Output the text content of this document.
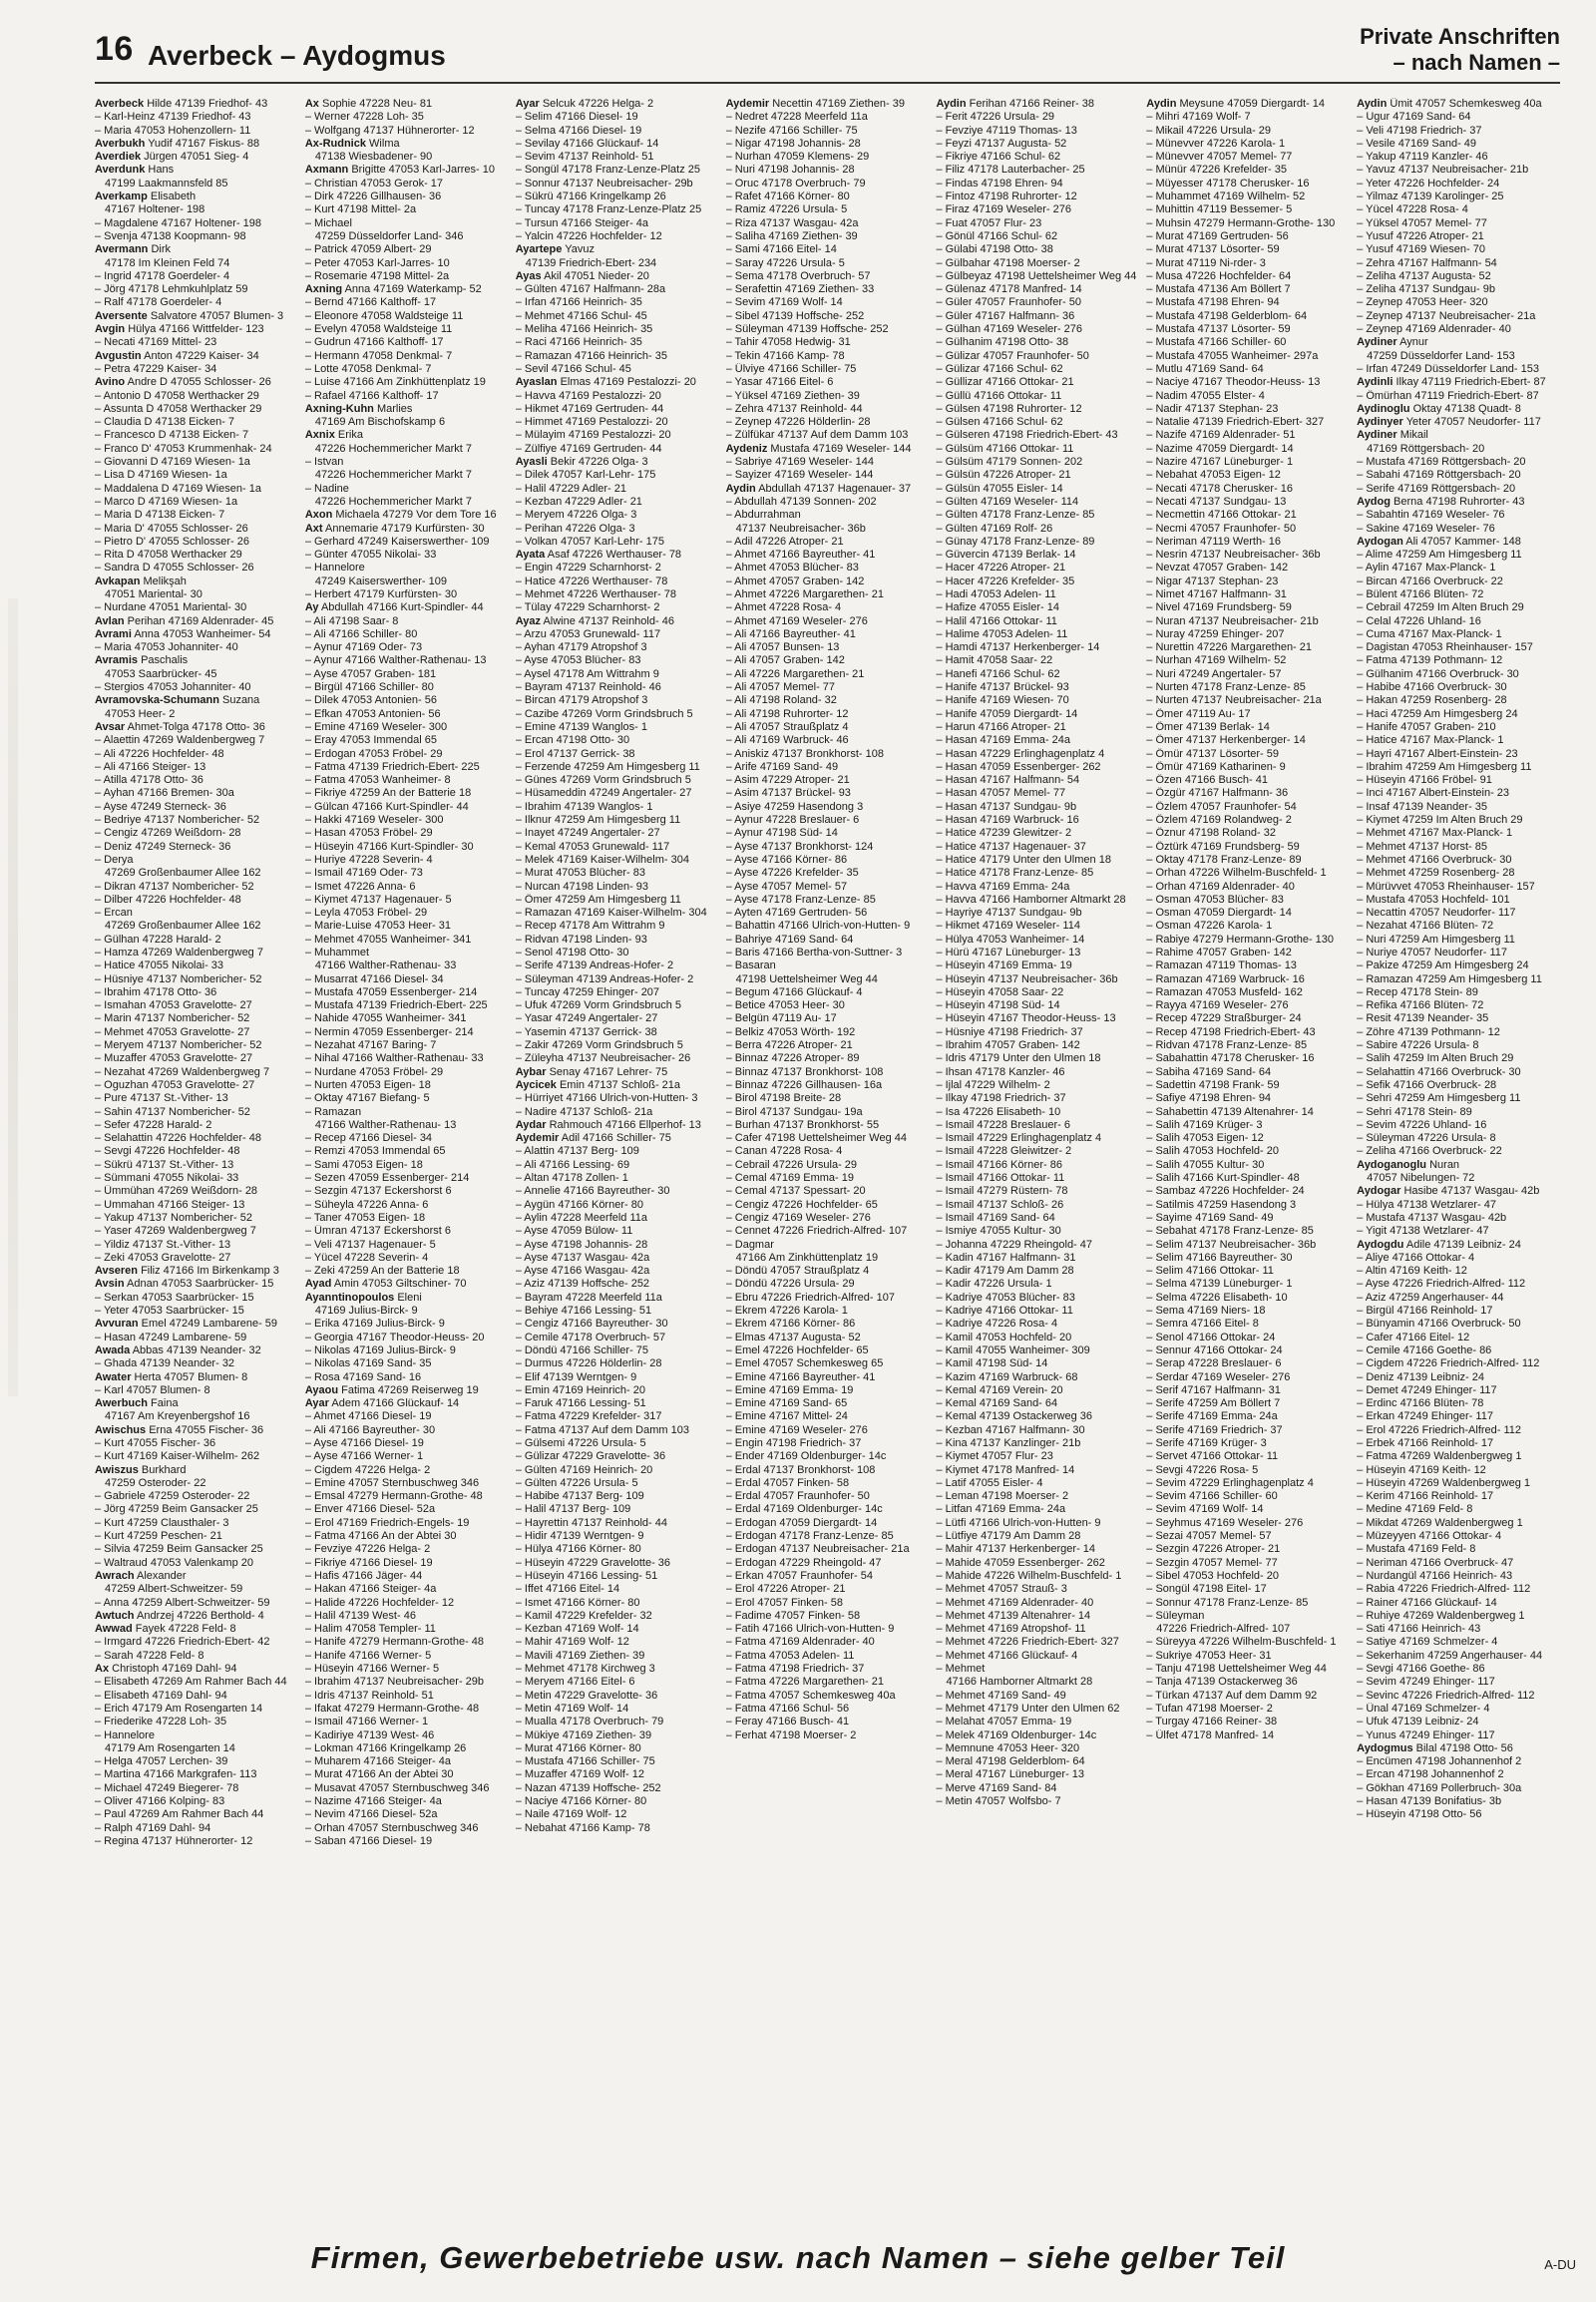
16 Averbeck – Aydogmus
Private Anschriften
– nach Namen –
Averbeck Hilde 47139 Friedhof- 43
– Karl-Heinz 47139 Friedhof- 43
– Maria 47053 Hohenzollern- 11
Averbukh Yudif 47167 Fiskus- 88
Averdiek Jürgen 47051 Sieg- 4
Averdunk Hans
47199 Laakmannsfeld 85
Averkamp Elisabeth
47167 Holtener- 198
– Magdalene 47167 Holtener- 198
– Svenja 47138 Koopmann- 98
Avermann Dirk
47178 Im Kleinen Feld 74
– Ingrid 47178 Goerdeler- 4
– Jörg 47178 Lehmkuhlplatz 59
– Ralf 47178 Goerdeler- 4
Aversente Salvatore 47057 Blumen- 3
Avgin Hülya 47166 Wittfelder- 123
– Necati 47169 Mittel- 23
Avgustin Anton 47229 Kaiser- 34
– Petra 47229 Kaiser- 34
Avino Andre D 47055 Schlosser- 26
– Antonio D 47058 Werthacker 29
– Assunta D 47058 Werthacker 29
– Claudia D 47138 Eicken- 7
– Francesco D 47138 Eicken- 7
– Franco D' 47053 Krummenhak- 24
– Giovanni D 47169 Wiesen- 1a
– Lisa D 47169 Wiesen- 1a
– Maddalena D 47169 Wiesen- 1a
– Marco D 47169 Wiesen- 1a
– Maria D 47138 Eicken- 7
– Maria D' 47055 Schlosser- 26
– Pietro D' 47055 Schlosser- 26
– Rita D 47058 Werthacker 29
– Sandra D 47055 Schlosser- 26
Avkapan Melikşah
47051 Mariental- 30
– Nurdane 47051 Mariental- 30
Avlan Perihan 47169 Aldenrader- 45
Avrami Anna 47053 Wanheimer- 54
– Maria 47053 Johanniter- 40
Avramis Paschalis
47053 Saarbrücker- 45
– Stergios 47053 Johanniter- 40
Avramovska-Schumann Suzana
47053 Heer- 2
Avsar Ahmet-Tolga 47178 Otto- 36
– Alaettin 47269 Waldenbergweg 7
– Ali 47226 Hochfelder- 48
– Ali 47166 Steiger- 13
– Atilla 47178 Otto- 36
– Ayhan 47166 Bremen- 30a
– Ayse 47249 Sterneck- 36
– Bedriye 47137 Nombericher- 52
– Cengiz 47269 Weißdorn- 28
– Deniz 47249 Sterneck- 36
– Derya
47269 Großenbaumer Allee 162
– Dikran 47137 Nombericher- 52
– Dilber 47226 Hochfelder- 48
– Ercan
47269 Großenbaumer Allee 162
– Gülhan 47228 Harald- 2
– Hamza 47269 Waldenbergweg 7
– Hatice 47055 Nikolai- 33
– Hüsniye 47137 Nombericher- 52
– Ibrahim 47178 Otto- 36
– Ismahan 47053 Gravelotte- 27
– Marin 47137 Nombericher- 52
– Mehmet 47053 Gravelotte- 27
– Meryem 47137 Nombericher- 52
– Muzaffer 47053 Gravelotte- 27
– Nezahat 47269 Waldenbergweg 7
– Oguzhan 47053 Gravelotte- 27
– Pure 47137 St.-Vither- 13
– Sahin 47137 Nombericher- 52
– Sefer 47228 Harald- 2
– Selahattin 47226 Hochfelder- 48
– Sevgi 47226 Hochfelder- 48
– Sükrü 47137 St.-Vither- 13
– Sümmani 47055 Nikolai- 33
– Ümmühan 47269 Weißdorn- 28
– Ummahan 47166 Steiger- 13
– Yakup 47137 Nombericher- 52
– Yaser 47269 Waldenbergweg 7
– Yildiz 47137 St.-Vither- 13
– Zeki 47053 Gravelotte- 27
Avseren Filiz 47166 Im Birkenkamp 3
Avsin Adnan 47053 Saarbrücker- 15
– Serkan 47053 Saarbrücker- 15
– Yeter 47053 Saarbrücker- 15
Avvuran Emel 47249 Lambarene- 59
– Hasan 47249 Lambarene- 59
Awada Abbas 47139 Neander- 32
– Ghada 47139 Neander- 32
Awater Herta 47057 Blumen- 8
– Karl 47057 Blumen- 8
Awerbuch Faina
47167 Am Kreyenbergshof 16
Awischus Erna 47055 Fischer- 36
– Kurt 47055 Fischer- 36
– Kurt 47169 Kaiser-Wilhelm- 262
Awiszus Burkhard
47259 Osteroder- 22
– Gabriele 47259 Osteroder- 22
– Jörg 47259 Beim Gansacker 25
– Kurt 47259 Clausthaler- 3
– Kurt 47259 Peschen- 21
– Silvia 47259 Beim Gansacker 25
– Waltraud 47053 Valenkamp 20
Awrach Alexander
47259 Albert-Schweitzer- 59
– Anna 47259 Albert-Schweitzer- 59
Awtuch Andrzej 47226 Berthold- 4
Awwad Fayek 47228 Feld- 8
– Irmgard 47226 Friedrich-Ebert- 42
– Sarah 47228 Feld- 8
Ax Christoph 47169 Dahl- 94
– Elisabeth 47269 Am Rahmer Bach 44
– Elisabeth 47169 Dahl- 94
– Erich 47179 Am Rosengarten 14
– Friederike 47228 Loh- 35
– Hannelore
47179 Am Rosengarten 14
– Helga 47057 Lerchen- 39
– Martina 47166 Markgrafen- 113
– Michael 47249 Biegerer- 78
– Oliver 47166 Kolping- 83
– Paul 47269 Am Rahmer Bach 44
– Ralph 47169 Dahl- 94
– Regina 47137 Hühnerorter- 12
Ax Sophie 47228 Neu- 81
– Werner 47228 Loh- 35
– Wolfgang 47137 Hühnerorter- 12
Ax-Rudnick Wilma
47138 Wiesbadener- 90
Axmann Brigitte 47053 Karl-Jarres- 10
– Christian 47053 Gerok- 17
– Dirk 47226 Gillhausen- 36
– Kurt 47198 Mittel- 2a
– Michael
47259 Düsseldorfer Land- 346
– Patrick 47059 Albert- 29
– Peter 47053 Karl-Jarres- 10
– Rosemarie 47198 Mittel- 2a
Axning Anna 47169 Waterkamp- 52
– Bernd 47166 Kalthoff- 17
– Eleonore 47058 Waldsteige 11
– Evelyn 47058 Waldsteige 11
– Gudrun 47166 Kalthoff- 17
– Hermann 47058 Denkmal- 7
– Lotte 47058 Denkmal- 7
– Luise 47166 Am Zinkhüttenplatz 19
– Rafael 47166 Kalthoff- 17
Axning-Kuhn Marlies
47169 Am Bischofskamp 6
Axnix Erika
47226 Hochemmericher Markt 7
– Istvan
47226 Hochemmericher Markt 7
– Nadine
47226 Hochemmericher Markt 7
Axon Michaela 47279 Vor dem Tore 16
Axt Annemarie 47179 Kurfürsten- 30
– Gerhard 47249 Kaiserswerther- 109
– Günter 47055 Nikolai- 33
– Hannelore
47249 Kaiserswerther- 109
– Herbert 47179 Kurfürsten- 30
Ay Abdullah 47166 Kurt-Spindler- 44
– Ali 47198 Saar- 8
– Ali 47166 Schiller- 80
– Aynur 47169 Oder- 73
– Aynur 47166 Walther-Rathenau- 13
– Ayse 47057 Graben- 181
– Birgül 47166 Schiller- 80
– Dilek 47053 Antonien- 56
– Efkan 47053 Antonien- 56
– Emine 47169 Weseler- 300
– Eray 47053 Immendal 65
– Erdogan 47053 Fröbel- 29
– Fatma 47139 Friedrich-Ebert- 225
– Fatma 47053 Wanheimer- 8
– Fikriye 47259 An der Batterie 18
– Gülcan 47166 Kurt-Spindler- 44
– Hakki 47169 Weseler- 300
– Hasan 47053 Fröbel- 29
– Hüseyin 47166 Kurt-Spindler- 30
– Huriye 47228 Severin- 4
– Ismail 47169 Oder- 73
– Ismet 47226 Anna- 6
– Kiymet 47137 Hagenauer- 5
– Leyla 47053 Fröbel- 29
– Marie-Luise 47053 Heer- 31
– Mehmet 47055 Wanheimer- 341
– Muhammet
47166 Walther-Rathenau- 33
– Musarrat 47166 Diesel- 34
– Mustafa 47059 Essenberger- 214
– Mustafa 47139 Friedrich-Ebert- 225
– Nahide 47055 Wanheimer- 341
– Nermin 47059 Essenberger- 214
– Nezahat 47167 Baring- 7
– Nihal 47166 Walther-Rathenau- 33
– Nurdane 47053 Fröbel- 29
– Nurten 47053 Eigen- 18
– Oktay 47167 Biefang- 5
– Ramazan
47166 Walther-Rathenau- 13
– Recep 47166 Diesel- 34
– Remzi 47053 Immendal 65
– Sami 47053 Eigen- 18
– Sezen 47059 Essenberger- 214
– Sezgin 47137 Eckershorst 6
– Süheyla 47226 Anna- 6
– Taner 47053 Eigen- 18
– Ümran 47137 Eckershorst 6
– Veli 47137 Hagenauer- 5
– Yücel 47228 Severin- 4
– Zeki 47259 An der Batterie 18
Ayad Amin 47053 Giltschiner- 70
Ayanntinopoulos Eleni
47169 Julius-Birck- 9
– Erika 47169 Julius-Birck- 9
– Georgia 47167 Theodor-Heuss- 20
– Nikolas 47169 Julius-Birck- 9
– Nikolas 47169 Sand- 35
– Rosa 47169 Sand- 16
Ayaou Fatima 47269 Reiserweg 19
Ayar Adem 47166 Glückauf- 14
– Ahmet 47166 Diesel- 19
– Ali 47166 Bayreuther- 30
– Ayse 47166 Diesel- 19
– Ayse 47166 Werner- 1
– Cigdem 47226 Helga- 2
– Emine 47057 Sternbuschweg 346
– Emsal 47279 Hermann-Grothe- 48
– Enver 47166 Diesel- 52a
– Erol 47169 Friedrich-Engels- 19
– Fatma 47166 An der Abtei 30
– Fevziye 47226 Helga- 2
– Fikriye 47166 Diesel- 19
– Hafis 47166 Jäger- 44
– Hakan 47166 Steiger- 4a
– Halide 47226 Hochfelder- 12
– Halil 47139 West- 46
– Halim 47058 Templer- 11
– Hanife 47279 Hermann-Grothe- 48
– Hanife 47166 Werner- 5
– Hüseyin 47166 Werner- 5
– Ibrahim 47137 Neubreisacher- 29b
– Idris 47137 Reinhold- 51
– Ifakat 47279 Hermann-Grothe- 48
– Ismail 47166 Werner- 1
– Kadiriye 47139 West- 46
– Lokman 47166 Kringelkamp 26
– Muharem 47166 Steiger- 4a
– Murat 47166 An der Abtei 30
– Musavat 47057 Sternbuschweg 346
– Nazime 47166 Steiger- 4a
– Nevim 47166 Diesel- 52a
– Orhan 47057 Sternbuschweg 346
– Saban 47166 Diesel- 19
Ayar Selcuk 47226 Helga- 2
– Selim 47166 Diesel- 19
– Selma 47166 Diesel- 19
– Sevilay 47166 Glückauf- 14
– Sevim 47137 Reinhold- 51
– Songül 47178 Franz-Lenze-Platz 25
– Sonnur 47137 Neubreisacher- 29b
– Sükrü 47166 Kringelkamp 26
– Tuncay 47178 Franz-Lenze-Platz 25
– Tursun 47166 Steiger- 4a
– Yalcin 47226 Hochfelder- 12
Ayartepe Yavuz
47139 Friedrich-Ebert- 234
Ayas Akil 47051 Nieder- 20
– Gülten 47167 Halfmann- 28a
– Irfan 47166 Heinrich- 35
– Mehmet 47166 Schul- 45
– Meliha 47166 Heinrich- 35
– Raci 47166 Heinrich- 35
– Ramazan 47166 Heinrich- 35
– Sevil 47166 Schul- 45
Ayaslan Elmas 47169 Pestalozzi- 20
– Havva 47169 Pestalozzi- 20
– Hikmet 47169 Gertruden- 44
– Himmet 47169 Pestalozzi- 20
– Mülayim 47169 Pestalozzi- 20
– Zülfiye 47169 Gertruden- 44
Ayasli Bekir 47226 Olga- 3
– Dilek 47057 Karl-Lehr- 175
– Halil 47229 Adler- 21
– Kezban 47229 Adler- 21
– Meryem 47226 Olga- 3
– Perihan 47226 Olga- 3
– Volkan 47057 Karl-Lehr- 175
Ayata Asaf 47226 Werthauser- 78
– Engin 47229 Scharnhorst- 2
– Hatice 47226 Werthauser- 78
– Mehmet 47226 Werthauser- 78
– Tülay 47229 Scharnhorst- 2
Ayaz Alwine 47137 Reinhold- 46
– Arzu 47053 Grunewald- 117
– Ayhan 47179 Atropshof 3
– Ayse 47053 Blücher- 83
– Aysel 47178 Am Wittrahm 9
– Bayram 47137 Reinhold- 46
– Bircan 47179 Atropshof 3
– Cazibe 47269 Vorm Grindsbruch 5
– Emine 47139 Wanglos- 1
– Ercan 47198 Otto- 30
– Erol 47137 Gerrick- 38
– Ferzende 47259 Am Himgesberg 11
– Günes 47269 Vorm Grindsbruch 5
– Hüsameddin 47249 Angertaler- 27
– Ibrahim 47139 Wanglos- 1
– Ilknur 47259 Am Himgesberg 11
– Inayet 47249 Angertaler- 27
– Kemal 47053 Grunewald- 117
– Melek 47169 Kaiser-Wilhelm- 304
– Murat 47053 Blücher- 83
– Nurcan 47198 Linden- 93
– Ömer 47259 Am Himgesberg 11
– Ramazan 47169 Kaiser-Wilhelm- 304
– Recep 47178 Am Wittrahm 9
– Ridvan 47198 Linden- 93
– Senol 47198 Otto- 30
– Serife 47139 Andreas-Hofer- 2
– Süleyman 47139 Andreas-Hofer- 2
– Tuncay 47259 Ehinger- 207
– Ufuk 47269 Vorm Grindsbruch 5
– Yasar 47249 Angertaler- 27
– Yasemin 47137 Gerrick- 38
– Zakir 47269 Vorm Grindsbruch 5
– Züleyha 47137 Neubreisacher- 26
Aybar Senay 47167 Lehrer- 75
Aycicek Emin 47137 Schloß- 21a
– Hürriyet 47166 Ulrich-von-Hutten- 3
– Nadire 47137 Schloß- 21a
Aydar Rahmouch 47166 Ellperhof- 13
Aydemir Adil 47166 Schiller- 75
– Alattin 47137 Berg- 109
– Ali 47166 Lessing- 69
– Altan 47178 Zollen- 1
– Annelie 47166 Bayreuther- 30
– Aygün 47166 Körner- 80
– Aylin 47228 Meerfeld 11a
– Ayse 47059 Bülow- 11
– Ayse 47198 Johannis- 28
– Ayse 47137 Wasgau- 42a
– Ayse 47166 Wasgau- 42a
– Aziz 47139 Hoffsche- 252
– Bayram 47228 Meerfeld 11a
– Behiye 47166 Lessing- 51
– Cengiz 47166 Bayreuther- 30
– Cemile 47178 Overbruch- 57
– Döndü 47166 Schiller- 75
– Durmus 47226 Hölderlin- 28
– Elif 47139 Werntgen- 9
– Emin 47169 Heinrich- 20
– Faruk 47166 Lessing- 51
– Fatma 47229 Krefelder- 317
– Fatma 47137 Auf dem Damm 103
– Gülsemi 47226 Ursula- 5
– Gülizar 47229 Gravelotte- 36
– Gülten 47169 Heinrich- 20
– Gülten 47226 Ursula- 5
– Habibe 47137 Berg- 109
– Halil 47137 Berg- 109
– Hayrettin 47137 Reinhold- 44
– Hidir 47139 Werntgen- 9
– Hülya 47166 Körner- 80
– Hüseyin 47229 Gravelotte- 36
– Hüseyin 47166 Lessing- 51
– Iffet 47166 Eitel- 14
– Ismet 47166 Körner- 80
– Kamil 47229 Krefelder- 32
– Kezban 47169 Wolf- 14
– Mahir 47169 Wolf- 12
– Mavili 47169 Ziethen- 39
– Mehmet 47178 Kirchweg 3
– Meryem 47166 Eitel- 6
– Metin 47229 Gravelotte- 36
– Metin 47169 Wolf- 14
– Mualla 47178 Overbruch- 79
– Mükiye 47169 Ziethen- 39
– Murat 47166 Körner- 80
– Mustafa 47166 Schiller- 75
– Muzaffer 47169 Wolf- 12
– Nazan 47139 Hoffsche- 252
– Naciye 47166 Körner- 80
– Naile 47169 Wolf- 12
– Nebahat 47166 Kamp- 78
Aydemir Necettin 47169 Ziethen- 39
– Nedret 47228 Meerfeld 11a
– Nezife 47166 Schiller- 75
– Nigar 47198 Johannis- 28
– Nurhan 47059 Klemens- 29
– Nuri 47198 Johannis- 28
– Oruc 47178 Overbruch- 79
– Rafet 47166 Körner- 80
– Ramiz 47226 Ursula- 5
– Riza 47137 Wasgau- 42a
– Saliha 47169 Ziethen- 39
– Sami 47166 Eitel- 14
– Saray 47226 Ursula- 5
– Sema 47178 Overbruch- 57
– Serafettin 47169 Ziethen- 33
– Sevim 47169 Wolf- 14
– Sibel 47139 Hoffsche- 252
– Süleyman 47139 Hoffsche- 252
– Tahir 47058 Hedwig- 31
– Tekin 47166 Kamp- 78
– Ülviye 47166 Schiller- 75
– Yasar 47166 Eitel- 6
– Yüksel 47169 Ziethen- 39
– Zehra 47137 Reinhold- 44
– Zeynep 47226 Hölderlin- 28
– Zülfükar 47137 Auf dem Damm 103
Aydeniz Mustafa 47169 Weseler- 144
– Sabriye 47169 Weseler- 144
– Sayizer 47169 Weseler- 144
Aydin Abdullah 47137 Hagenauer- 37
– Abdullah 47139 Sonnen- 202
– Abdurrahman
47137 Neubreisacher- 36b
– Adil 47226 Atroper- 21
– Ahmet 47166 Bayreuther- 41
– Ahmet 47053 Blücher- 83
– Ahmet 47057 Graben- 142
– Ahmet 47226 Margarethen- 21
– Ahmet 47228 Rosa- 4
– Ahmet 47169 Weseler- 276
– Ali 47166 Bayreuther- 41
– Ali 47057 Bunsen- 13
– Ali 47057 Graben- 142
– Ali 47226 Margarethen- 21
– Ali 47057 Memel- 77
– Ali 47198 Roland- 32
– Ali 47198 Ruhrorter- 12
– Ali 47057 Straußplatz 4
– Ali 47169 Warbruck- 46
– Aniskiz 47137 Bronkhorst- 108
– Arife 47169 Sand- 49
– Asim 47229 Atroper- 21
– Asim 47137 Brückel- 93
– Asiye 47259 Hasendong 3
– Aynur 47228 Breslauer- 6
– Aynur 47198 Süd- 14
– Ayse 47137 Bronkhorst- 124
– Ayse 47166 Körner- 86
– Ayse 47226 Krefelder- 35
– Ayse 47057 Memel- 57
– Ayse 47178 Franz-Lenze- 85
– Ayten 47169 Gertruden- 56
– Bahattin 47166 Ulrich-von-Hutten- 9
– Bahriye 47169 Sand- 64
– Baris 47166 Bertha-von-Suttner- 3
– Basaran
47198 Uettelsheimer Weg 44
– Begum 47166 Glückauf- 4
– Betice 47053 Heer- 30
– Belgün 47119 Au- 17
– Belkiz 47053 Wörth- 192
– Berra 47226 Atroper- 21
– Binnaz 47226 Atroper- 89
– Binnaz 47137 Bronkhorst- 108
– Binnaz 47226 Gillhausen- 16a
– Birol 47198 Breite- 28
– Birol 47137 Sundgau- 19a
– Burhan 47137 Bronkhorst- 55
– Cafer 47198 Uettelsheimer Weg 44
– Canan 47228 Rosa- 4
– Cebrail 47226 Ursula- 29
– Cemal 47169 Emma- 19
– Cemal 47137 Spessart- 20
– Cengiz 47226 Hochfelder- 65
– Cengiz 47169 Weseler- 276
– Cennet 47226 Friedrich-Alfred- 107
– Dagmar
47166 Am Zinkhüttenplatz 19
– Döndü 47057 Straußplatz 4
– Döndü 47226 Ursula- 29
– Ebru 47226 Friedrich-Alfred- 107
– Ekrem 47226 Karola- 1
– Ekrem 47166 Körner- 86
– Elmas 47137 Augusta- 52
– Emel 47226 Hochfelder- 65
– Emel 47057 Schemkesweg 65
– Emine 47166 Bayreuther- 41
– Emine 47169 Emma- 19
– Emine 47169 Sand- 65
– Emine 47167 Mittel- 24
– Emine 47169 Weseler- 276
– Engin 47198 Friedrich- 37
– Ender 47169 Oldenburger- 14c
– Erdal 47137 Bronkhorst- 108
– Erdal 47057 Finken- 58
– Erdal 47057 Fraunhofer- 50
– Erdal 47169 Oldenburger- 14c
– Erdogan 47059 Diergardt- 14
– Erdogan 47178 Franz-Lenze- 85
– Erdogan 47137 Neubreisacher- 21a
– Erdogan 47229 Rheingold- 47
– Erkan 47057 Fraunhofer- 54
– Erol 47226 Atroper- 21
– Erol 47057 Finken- 58
– Fadime 47057 Finken- 58
– Fatih 47166 Ulrich-von-Hutten- 9
– Fatma 47169 Aldenrader- 40
– Fatma 47053 Adelen- 11
– Fatma 47198 Friedrich- 37
– Fatma 47226 Margarethen- 21
– Fatma 47057 Schemkesweg 40a
– Fatma 47166 Schul- 56
– Feray 47166 Busch- 41
– Ferhat 47198 Moerser- 2
Aydin Ferihan 47166 Reiner- 38
– Ferit 47226 Ursula- 29
– Fevziye 47119 Thomas- 13
– Feyzi 47137 Augusta- 52
– Fikriye 47166 Schul- 62
– Filiz 47178 Lauterbacher- 25
– Findas 47198 Ehren- 94
– Fintoz 47198 Ruhrorter- 12
– Firaz 47169 Weseler- 276
– Fuat 47057 Flur- 23
– Gönül 47166 Schul- 62
– Gülabi 47198 Otto- 38
– Gülbahar 47198 Moerser- 2
– Gülbeyaz 47198 Uettelsheimer Weg 44
– Gülenaz 47178 Manfred- 14
– Güler 47057 Fraunhofer- 50
– Güler 47167 Halfmann- 36
– Gülhan 47169 Weseler- 276
– Gülhanim 47198 Otto- 38
– Gülizar 47057 Fraunhofer- 50
– Gülizar 47166 Schul- 62
– Güllizar 47166 Ottokar- 21
– Güllü 47166 Ottokar- 11
– Gülsen 47198 Ruhrorter- 12
– Gülsen 47166 Schul- 62
– Gülseren 47198 Friedrich-Ebert- 43
– Gülsüm 47166 Ottokar- 11
– Gülsüm 47179 Sonnen- 202
– Gülsün 47226 Atroper- 21
– Gülsün 47055 Eisler- 14
– Gülten 47169 Weseler- 114
– Gülten 47178 Franz-Lenze- 85
– Gülten 47169 Rolf- 26
– Günay 47178 Franz-Lenze- 89
– Güvercin 47139 Berlak- 14
– Hacer 47226 Atroper- 21
– Hacer 47226 Krefelder- 35
– Hadi 47053 Adelen- 11
– Hafize 47055 Eisler- 14
– Halil 47166 Ottokar- 11
– Halime 47053 Adelen- 11
– Hamdi 47137 Herkenberger- 14
– Hamit 47058 Saar- 22
– Hanefi 47166 Schul- 62
– Hanife 47137 Brückel- 93
– Hanife 47169 Wiesen- 70
– Hanife 47059 Diergardt- 14
– Harun 47166 Atroper- 21
– Hasan 47169 Emma- 24a
– Hasan 47229 Erlinghagenplatz 4
– Hasan 47059 Essenberger- 262
– Hasan 47167 Halfmann- 54
– Hasan 47057 Memel- 77
– Hasan 47137 Sundgau- 9b
– Hasan 47169 Warbruck- 16
– Hatice 47239 Glewitzer- 2
– Hatice 47137 Hagenauer- 37
– Hatice 47179 Unter den Ulmen 18
– Hatice 47178 Franz-Lenze- 85
– Havva 47169 Emma- 24a
– Havva 47166 Hamborner Altmarkt 28
– Hayriye 47137 Sundgau- 9b
– Hikmet 47169 Weseler- 114
– Hülya 47053 Wanheimer- 14
– Hürü 47167 Lüneburger- 13
– Hüseyin 47169 Emma- 19
– Hüseyin 47137 Neubreisacher- 36b
– Hüseyin 47058 Saar- 22
– Hüseyin 47198 Süd- 14
– Hüseyin 47167 Theodor-Heuss- 13
– Hüsniye 47198 Friedrich- 37
– Ibrahim 47057 Graben- 142
– Idris 47179 Unter den Ulmen 18
– Ihsan 47178 Kanzler- 46
– Ijlal 47229 Wilhelm- 2
– Ilkay 47198 Friedrich- 37
– Isa 47226 Elisabeth- 10
– Ismail 47228 Breslauer- 6
– Ismail 47229 Erlinghagenplatz 4
– Ismail 47228 Gleiwitzer- 2
– Ismail 47166 Körner- 86
– Ismail 47166 Ottokar- 11
– Ismail 47279 Rüstern- 78
– Ismail 47137 Schloß- 26
– Ismail 47169 Sand- 64
– Ismiye 47055 Kultur- 30
– Johanna 47229 Rheingold- 47
– Kadin 47167 Halfmann- 31
– Kadir 47179 Am Damm 28
– Kadir 47226 Ursula- 1
– Kadriye 47053 Blücher- 83
– Kadriye 47166 Ottokar- 11
– Kadriye 47226 Rosa- 4
– Kamil 47053 Hochfeld- 20
– Kamil 47055 Wanheimer- 309
– Kamil 47198 Süd- 14
– Kazim 47169 Warbruck- 68
– Kemal 47169 Verein- 20
– Kemal 47169 Sand- 64
– Kemal 47139 Ostackerweg 36
– Kezban 47167 Halfmann- 30
– Kina 47137 Kanzlinger- 21b
– Kiymet 47057 Flur- 23
– Kiymet 47178 Manfred- 14
– Latif 47055 Eisler- 4
– Leman 47198 Moerser- 2
– Litfan 47169 Emma- 24a
– Lütfi 47166 Ulrich-von-Hutten- 9
– Lütfiye 47179 Am Damm 28
– Mahir 47137 Herkenberger- 14
– Mahide 47059 Essenberger- 262
– Mahide 47226 Wilhelm-Buschfeld- 1
– Mehmet 47057 Strauß- 3
– Mehmet 47169 Aldenrader- 40
– Mehmet 47139 Altenahrer- 14
– Mehmet 47169 Atropshof- 11
– Mehmet 47226 Friedrich-Ebert- 327
– Mehmet 47166 Glückauf- 4
– Mehmet
47166 Hamborner Altmarkt 28
– Mehmet 47169 Sand- 49
– Mehmet 47179 Unter den Ulmen 62
– Melahat 47057 Emma- 19
– Melek 47169 Oldenburger- 14c
– Memnune 47053 Heer- 320
– Meral 47198 Gelderblom- 64
– Meral 47167 Lüneburger- 13
– Merve 47169 Sand- 84
– Metin 47057 Wolfsbo- 7
Aydin Meysune 47059 Diergardt- 14
– Mihri 47169 Wolf- 7
– Mikail 47226 Ursula- 29
– Münevver 47226 Karola- 1
– Münevver 47057 Memel- 77
– Münür 47226 Krefelder- 35
– Müyesser 47178 Cherusker- 16
– Muhammet 47169 Wilhelm- 52
– Muhittin 47119 Bessemer- 5
– Muhsin 47279 Hermann-Grothe- 130
– Murat 47169 Gertruden- 56
– Murat 47137 Lösorter- 59
– Murat 47119 Ni-rder- 3
– Musa 47226 Hochfelder- 64
– Mustafa 47136 Am Böllert 7
– Mustafa 47198 Ehren- 94
– Mustafa 47198 Gelderblom- 64
– Mustafa 47137 Lösorter- 59
– Mustafa 47166 Schiller- 60
– Mustafa 47055 Wanheimer- 297a
– Mutlu 47169 Sand- 64
– Naciye 47167 Theodor-Heuss- 13
– Nadim 47055 Elster- 4
– Nadir 47137 Stephan- 23
– Natalie 47139 Friedrich-Ebert- 327
– Nazife 47169 Aldenrader- 51
– Nazime 47059 Diergardt- 14
– Nazire 47167 Lüneburger- 1
– Nebahat 47053 Eigen- 12
– Necati 47178 Cherusker- 16
– Necati 47137 Sundgau- 13
– Necmettin 47166 Ottokar- 21
– Necmi 47057 Fraunhofer- 50
– Neriman 47119 Werth- 16
– Nesrin 47137 Neubreisacher- 36b
– Nevzat 47057 Graben- 142
– Nigar 47137 Stephan- 23
– Nimet 47167 Halfmann- 31
– Nivel 47169 Frundsberg- 59
– Nuran 47137 Neubreisacher- 21b
– Nuray 47259 Ehinger- 207
– Nurettin 47226 Margarethen- 21
– Nurhan 47169 Wilhelm- 52
– Nuri 47249 Angertaler- 57
– Nurten 47178 Franz-Lenze- 85
– Nurten 47137 Neubreisacher- 21a
– Ömer 47119 Au- 17
– Ömer 47139 Berlak- 14
– Ömer 47137 Herkenberger- 14
– Ömür 47137 Lösorter- 59
– Ömür 47169 Katharinen- 9
– Özen 47166 Busch- 41
– Özgür 47167 Halfmann- 36
– Özlem 47057 Fraunhofer- 54
– Özlem 47169 Rolandweg- 2
– Öznur 47198 Roland- 32
– Öztürk 47169 Frundsberg- 59
– Oktay 47178 Franz-Lenze- 89
– Orhan 47226 Wilhelm-Buschfeld- 1
– Orhan 47169 Aldenrader- 40
– Osman 47053 Blücher- 83
– Osman 47059 Diergardt- 14
– Osman 47226 Karola- 1
– Rabiye 47279 Hermann-Grothe- 130
– Rahime 47057 Graben- 142
– Ramazan 47119 Thomas- 13
– Ramazan 47169 Warbruck- 16
– Ramazan 47053 Musfeld- 162
– Rayya 47169 Weseler- 276
– Recep 47229 Straßburger- 24
– Recep 47198 Friedrich-Ebert- 43
– Ridvan 47178 Franz-Lenze- 85
– Sabahattin 47178 Cherusker- 16
– Sabiha 47169 Sand- 64
– Sadettin 47198 Frank- 59
– Safiye 47198 Ehren- 94
– Sahabettin 47139 Altenahrer- 14
– Salih 47169 Krüger- 3
– Salih 47053 Eigen- 12
– Salih 47053 Hochfeld- 20
– Salih 47055 Kultur- 30
– Salih 47166 Kurt-Spindler- 48
– Sambaz 47226 Hochfelder- 24
– Satilmis 47259 Hasendong 3
– Sayime 47169 Sand- 49
– Sebahat 47178 Franz-Lenze- 85
– Selim 47137 Neubreisacher- 36b
– Selim 47166 Bayreuther- 30
– Selim 47166 Ottokar- 11
– Selma 47139 Lüneburger- 1
– Selma 47226 Elisabeth- 10
– Sema 47169 Niers- 18
– Semra 47166 Eitel- 8
– Senol 47166 Ottokar- 24
– Sennur 47166 Ottokar- 24
– Serap 47228 Breslauer- 6
– Serdar 47169 Weseler- 276
– Serif 47167 Halfmann- 31
– Serife 47259 Am Böllert 7
– Serife 47169 Emma- 24a
– Serife 47169 Friedrich- 37
– Serife 47169 Krüger- 3
– Servet 47166 Ottokar- 11
– Sevgi 47226 Rosa- 5
– Sevim 47229 Erlinghagenplatz 4
– Sevim 47166 Schiller- 60
– Sevim 47169 Wolf- 14
– Seyhmus 47169 Weseler- 276
– Sezai 47057 Memel- 57
– Sezgin 47226 Atroper- 21
– Sezgin 47057 Memel- 77
– Sibel 47053 Hochfeld- 20
– Songül 47198 Eitel- 17
– Sonnur 47178 Franz-Lenze- 85
– Süleyman
47226 Friedrich-Alfred- 107
– Süreyya 47226 Wilhelm-Buschfeld- 1
– Sukriye 47053 Heer- 31
– Tanju 47198 Uettelsheimer Weg 44
– Tanja 47139 Ostackerweg 36
– Türkan 47137 Auf dem Damm 92
– Tufan 47198 Moerser- 2
– Turgay 47166 Reiner- 38
– Ülfet 47178 Manfred- 14
Aydin Ümit 47057 Schemkesweg 40a
– Ugur 47169 Sand- 64
– Veli 47198 Friedrich- 37
– Vesile 47169 Sand- 49
– Yakup 47119 Kanzler- 46
– Yavuz 47137 Neubreisacher- 21b
– Yeter 47226 Hochfelder- 24
– Yilmaz 47139 Karolinger- 25
– Yücel 47228 Rosa- 4
– Yüksel 47057 Memel- 77
– Yusuf 47226 Atroper- 21
– Yusuf 47169 Wiesen- 70
– Zehra 47167 Halfmann- 54
– Zeliha 47137 Augusta- 52
– Zeliha 47137 Sundgau- 9b
– Zeynep 47053 Heer- 320
– Zeynep 47137 Neubreisacher- 21a
– Zeynep 47169 Aldenrader- 40
Aydiner Aynur
47259 Düsseldorfer Land- 153
– Irfan 47249 Düsseldorfer Land- 153
Aydinli Ilkay 47119 Friedrich-Ebert- 87
– Ömürhan 47119 Friedrich-Ebert- 87
Aydinoglu Oktay 47138 Quadt- 8
Aydinyer Yeter 47057 Neudorfer- 117
Aydiner Mikail
47169 Röttgersbach- 20
– Mustafa 47169 Röttgersbach- 20
– Sabahi 47169 Röttgersbach- 20
– Serife 47169 Röttgersbach- 20
Aydog Berna 47198 Ruhrorter- 43
– Sabahtin 47169 Weseler- 76
– Sakine 47169 Weseler- 76
Aydogan Ali 47057 Kammer- 148
– Alime 47259 Am Himgesberg 11
– Aylin 47167 Max-Planck- 1
– Bircan 47166 Overbruck- 22
– Bülent 47166 Blüten- 72
– Cebrail 47259 Im Alten Bruch 29
– Celal 47226 Uhland- 16
– Cuma 47167 Max-Planck- 1
– Dagistan 47053 Rheinhauser- 157
– Fatma 47139 Pothmann- 12
– Gülhanim 47166 Overbruck- 30
– Habibe 47166 Overbruck- 30
– Hakan 47259 Rosenberg- 28
– Haci 47259 Am Himgesberg 24
– Hanife 47057 Graben- 210
– Hatice 47167 Max-Planck- 1
– Hayri 47167 Albert-Einstein- 23
– Ibrahim 47259 Am Himgesberg 11
– Hüseyin 47166 Fröbel- 91
– Inci 47167 Albert-Einstein- 23
– Insaf 47139 Neander- 35
– Kiymet 47259 Im Alten Bruch 29
– Mehmet 47167 Max-Planck- 1
– Mehmet 47137 Horst- 85
– Mehmet 47166 Overbruck- 30
– Mehmet 47259 Rosenberg- 28
– Mürüvvet 47053 Rheinhauser- 157
– Mustafa 47053 Hochfeld- 101
– Necattin 47057 Neudorfer- 117
– Nezahat 47166 Blüten- 72
– Nuri 47259 Am Himgesberg 11
– Nuriye 47057 Neudorfer- 117
– Pakize 47259 Am Himgesberg 24
– Ramazan 47259 Am Himgesberg 11
– Recep 47178 Stein- 89
– Refika 47166 Blüten- 72
– Resit 47139 Neander- 35
– Zöhre 47139 Pothmann- 12
– Sabire 47226 Ursula- 8
– Salih 47259 Im Alten Bruch 29
– Selahattin 47166 Overbruck- 30
– Sefik 47166 Overbruck- 28
– Sehri 47259 Am Himgesberg 11
– Sehri 47178 Stein- 89
– Sevim 47226 Uhland- 16
– Süleyman 47226 Ursula- 8
– Zeliha 47166 Overbruck- 22
Aydoganoglu Nuran
47057 Nibelungen- 72
Aydogar Hasibe 47137 Wasgau- 42b
– Hülya 47138 Wetzlarer- 47
– Mustafa 47137 Wasgau- 42b
– Yigit 47138 Wetzlarer- 47
Aydogdu Adile 47139 Leibniz- 24
– Aliye 47166 Ottokar- 4
– Altin 47169 Keith- 12
– Ayse 47226 Friedrich-Alfred- 112
– Aziz 47259 Angerhauser- 44
– Birgül 47166 Reinhold- 17
– Bünyamin 47166 Overbruck- 50
– Cafer 47166 Eitel- 12
– Cemile 47166 Goethe- 86
– Cigdem 47226 Friedrich-Alfred- 112
– Deniz 47139 Leibniz- 24
– Demet 47249 Ehinger- 117
– Erdinc 47166 Blüten- 78
– Erkan 47249 Ehinger- 117
– Erol 47226 Friedrich-Alfred- 112
– Erbek 47166 Reinhold- 17
– Fatma 47269 Waldenbergweg 1
– Hüseyin 47169 Keith- 12
– Hüseyin 47269 Waldenbergweg 1
– Kerim 47166 Reinhold- 17
– Medine 47169 Feld- 8
– Mikdat 47269 Waldenbergweg 1
– Müzeyyen 47166 Ottokar- 4
– Mustafa 47169 Feld- 8
– Neriman 47166 Overbruck- 47
– Nurdangül 47166 Heinrich- 43
– Rabia 47226 Friedrich-Alfred- 112
– Rainer 47166 Glückauf- 14
– Ruhiye 47269 Waldenbergweg 1
– Sati 47166 Heinrich- 43
– Satiye 47169 Schmelzer- 4
– Sekerhanim 47259 Angerhauser- 44
– Sevgi 47166 Goethe- 86
– Sevim 47249 Ehinger- 117
– Sevinc 47226 Friedrich-Alfred- 112
– Ünal 47169 Schmelzer- 4
– Ufuk 47139 Leibniz- 24
– Yunus 47249 Ehinger- 117
Aydogmus Bilal 47198 Otto- 56
– Encümen 47198 Johannenhof 2
– Ercan 47198 Johannenhof 2
– Gökhan 47169 Pollerbruch- 30a
– Hasan 47139 Bonifatius- 3b
– Hüseyin 47198 Otto- 56
Firmen, Gewerbebetriebe usw. nach Namen – siehe gelber Teil	A-DU
